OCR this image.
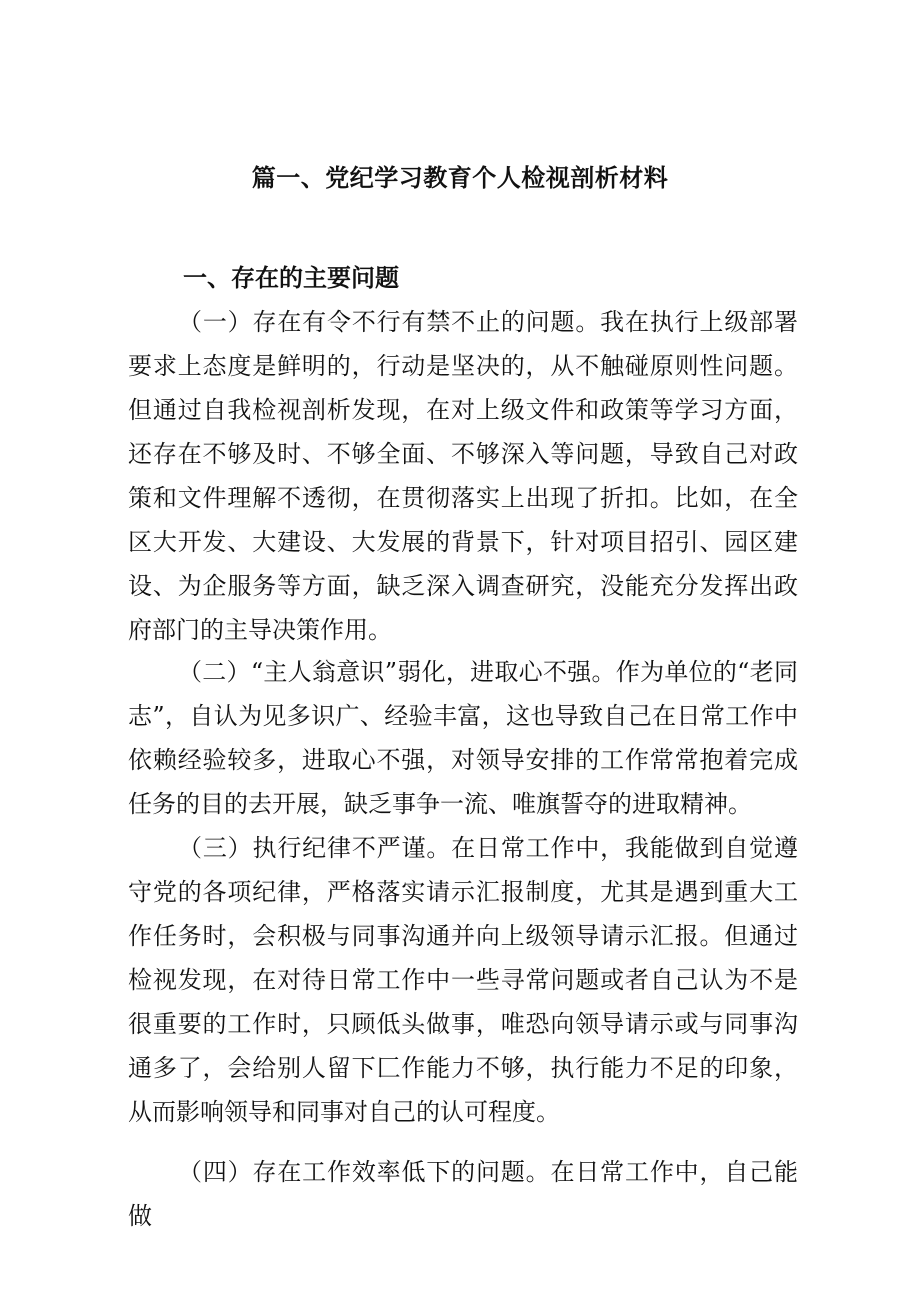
篇一、党纪学习教育个人检视剖析材料
一、存在的主要问题

（一）存在有令不行有禁不止的问题。我在执行上级部署要求上态度是鲜明的，行动是坚决的，从不触碰原则性问题。但通过自我检视剖析发现，在对上级文件和政策等学习方面，还存在不够及时、不够全面、不够深入等问题，导致自己对政策和文件理解不透彻，在贯彻落实上出现了折扣。比如，在全区大开发、大建设、大发展的背景下，针对项目招引、园区建设、为企服务等方面，缺乏深入调查研究，没能充分发挥出政府部门的主导决策作用。

（二）“主人翁意识”弱化，进取心不强。作为单位的“老同志”，自认为见多识广、经验丰富，这也导致自己在日常工作中依赖经验较多，进取心不强，对领导安排的工作常常抱着完成任务的目的去开展，缺乏事争一流、唯旗誓夺的进取精神。

（三）执行纪律不严谨。在日常工作中，我能做到自觉遵守党的各项纪律，严格落实请示汇报制度，尤其是遇到重大工作任务时，会积极与同事沟通并向上级领导请示汇报。但通过检视发现，在对待日常工作中一些寻常问题或者自己认为不是很重要的工作时，只顾低头做事，唯恐向领导请示或与同事沟通多了，会给别人留下匚作能力不够，执行能力不足的印象，从而影响领导和同事对自己的认可程度。

（四）存在工作效率低下的问题。在日常工作中，自己能做
